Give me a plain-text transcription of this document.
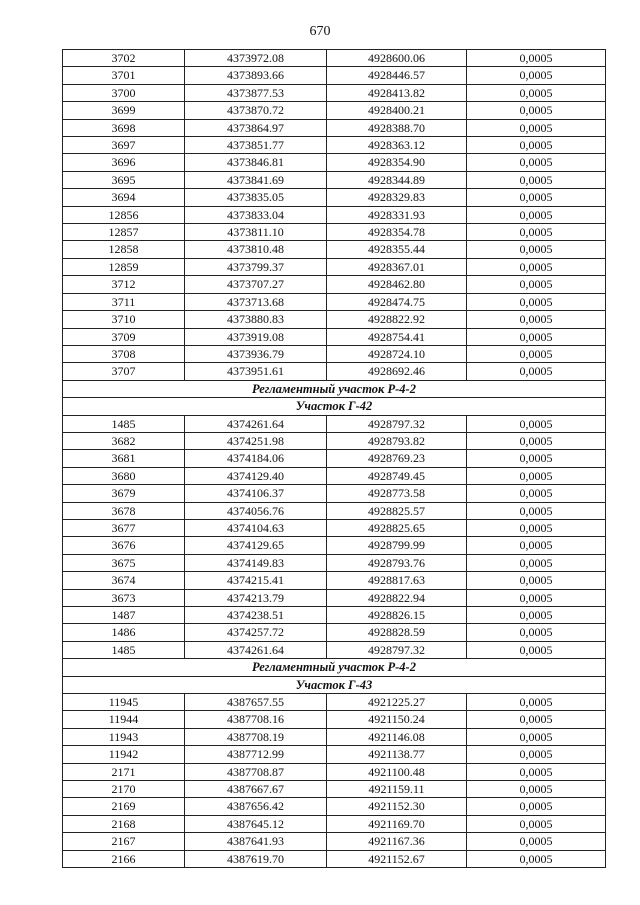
670
3702	4373972.08	4928600.06	0,0005
3701	4373893.66	4928446.57	0,0005
3700	4373877.53	4928413.82	0,0005
3699	4373870.72	4928400.21	0,0005
3698	4373864.97	4928388.70	0,0005
3697	4373851.77	4928363.12	0,0005
3696	4373846.81	4928354.90	0,0005
3695	4373841.69	4928344.89	0,0005
3694	4373835.05	4928329.83	0,0005
12856	4373833.04	4928331.93	0,0005
12857	4373811.10	4928354.78	0,0005
12858	4373810.48	4928355.44	0,0005
12859	4373799.37	4928367.01	0,0005
3712	4373707.27	4928462.80	0,0005
3711	4373713.68	4928474.75	0,0005
3710	4373880.83	4928822.92	0,0005
3709	4373919.08	4928754.41	0,0005
3708	4373936.79	4928724.10	0,0005
3707	4373951.61	4928692.46	0,0005
Регламентный участок Р-4-2			
Участок Г-42			
1485	4374261.64	4928797.32	0,0005
3682	4374251.98	4928793.82	0,0005
3681	4374184.06	4928769.23	0,0005
3680	4374129.40	4928749.45	0,0005
3679	4374106.37	4928773.58	0,0005
3678	4374056.76	4928825.57	0,0005
3677	4374104.63	4928825.65	0,0005
3676	4374129.65	4928799.99	0,0005
3675	4374149.83	4928793.76	0,0005
3674	4374215.41	4928817.63	0,0005
3673	4374213.79	4928822.94	0,0005
1487	4374238.51	4928826.15	0,0005
1486	4374257.72	4928828.59	0,0005
1485	4374261.64	4928797.32	0,0005
Регламентный участок Р-4-2			
Участок Г-43			
11945	4387657.55	4921225.27	0,0005
11944	4387708.16	4921150.24	0,0005
11943	4387708.19	4921146.08	0,0005
11942	4387712.99	4921138.77	0,0005
2171	4387708.87	4921100.48	0,0005
2170	4387667.67	4921159.11	0,0005
2169	4387656.42	4921152.30	0,0005
2168	4387645.12	4921169.70	0,0005
2167	4387641.93	4921167.36	0,0005
2166	4387619.70	4921152.67	0,0005
